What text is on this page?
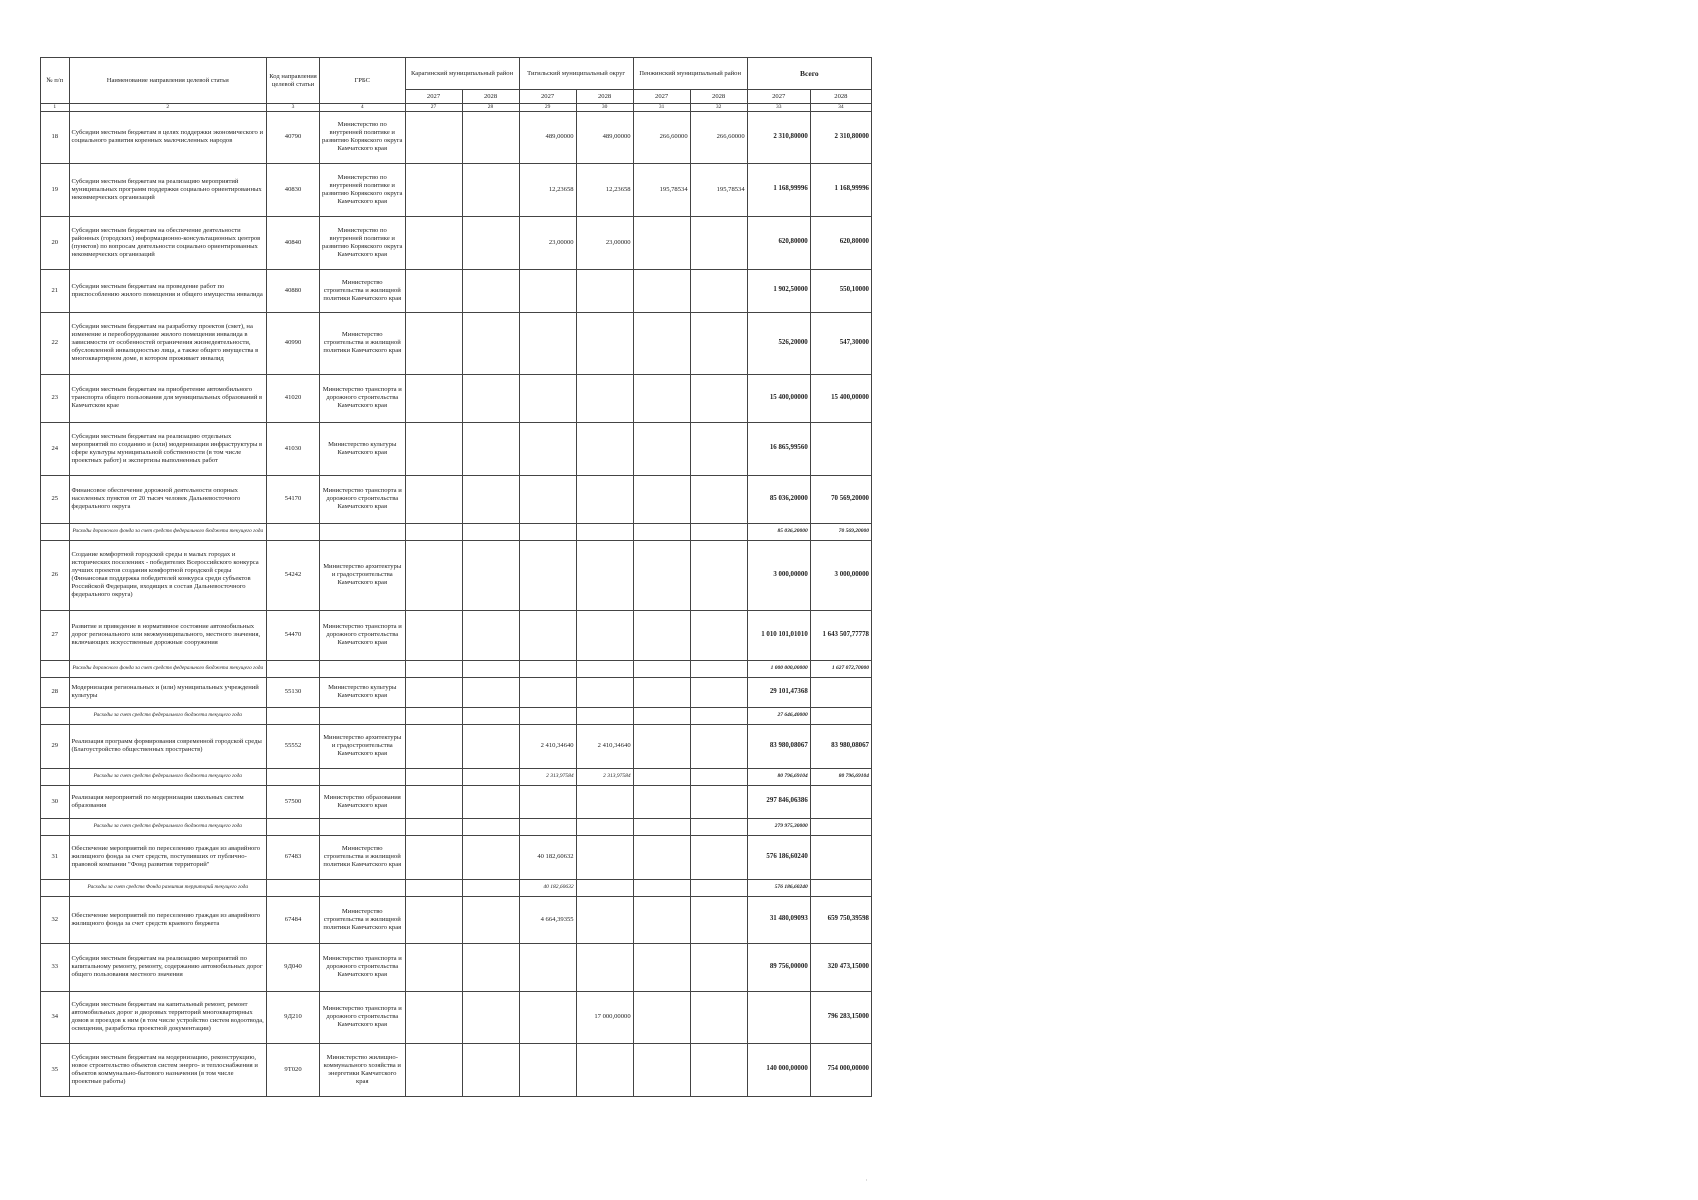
№ п/п	Наименование направления целевой статьи	Код направления целевой статьи	ГРБС	Карагинский муниципальный район		Тигильский муниципальный округ		Пенжинский муниципальный район		Всего	
				2027	2028	2027	2028	2027	2028	2027	2028
1	2	3	4	27	28	29	30	31	32	33	34
18	Субсидии местным бюджетам в целях поддержки экономического и социального развития коренных малочисленных народов	40790	Министерство по внутренней политике и развитию Корякского округа Камчатского края			489,00000	489,00000	266,60000	266,60000	2 310,80000	2 310,80000
19	Субсидии местным бюджетам на реализацию мероприятий муниципальных программ поддержки социально ориентированных некоммерческих организаций	40830	Министерство по внутренней политике и развитию Корякского округа Камчатского края			12,23658	12,23658	195,78534	195,78534	1 168,99996	1 168,99996
20	Субсидии местным бюджетам на обеспечение деятельности районных (городских) информационно-консультационных центров (пунктов) по вопросам деятельности социально ориентированных некоммерческих организаций	40840	Министерство по внутренней политике и развитию Корякского округа Камчатского края			23,00000	23,00000			620,80000	620,80000
21	Субсидии местным бюджетам на проведение работ по приспособлению жилого помещения и общего имущества инвалида	40880	Министерство строительства и жилищной политики Камчатского края							1 902,50000	550,10000
22	Субсидии местным бюджетам на разработку проектов (смет), на изменение и переоборудование жилого помещения инвалида в зависимости от особенностей ограничения жизнедеятельности, обусловленной инвалидностью лица, а также общего имущества в многоквартирном доме, в котором проживает инвалид	40990	Министерство строительства и жилищной политики Камчатского края							526,20000	547,30000
23	Субсидии местным бюджетам на приобретение автомобильного транспорта общего пользования для муниципальных образований в Камчатском крае	41020	Министерство транспорта и дорожного строительства Камчатского края							15 400,00000	15 400,00000
24	Субсидии местным бюджетам на реализацию отдельных мероприятий по созданию и (или) модернизации инфраструктуры в сфере культуры муниципальной собственности (в том числе проектных работ) и экспертизы выполненных работ	41030	Министерство культуры Камчатского края							16 865,99560	
25	Финансовое обеспечение дорожной деятельности опорных населенных пунктов от 20 тысяч человек Дальневосточного федерального округа	54170	Министерство транспорта и дорожного строительства Камчатского края							85 036,20000	70 569,20000
	Расходы дорожного фонда за счет средств федерального бюджета текущего года									85 036,20000	70 569,20000
26	Создание комфортной городской среды в малых городах и исторических поселениях - победителях Всероссийского конкурса лучших проектов создания комфортной городской среды (Финансовая поддержка победителей конкурса среди субъектов Российской Федерации, входящих в состав Дальневосточного федерального округа)	54242	Министерство архитектуры и градостроительства Камчатского края							3 000,00000	3 000,00000
27	Развитие и приведение в нормативное состояние автомобильных дорог регионального или межмуниципального, местного значения, включающих искусственные дорожные сооружения	54470	Министерство транспорта и дорожного строительства Камчатского края							1 010 101,01010	1 643 507,77778
	Расходы дорожного фонда за счет средств федерального бюджета текущего года									1 000 000,00000	1 627 072,70000
28	Модернизация региональных и (или) муниципальных учреждений культуры	55130	Министерство культуры Камчатского края							29 101,47368	
	Расходы за счет средств федерального бюджета текущего года									27 646,40000	
29	Реализация программ формирования современной городской среды (Благоустройство общественных пространств)	55552	Министерство архитектуры и градостроительства Камчатского края			2 410,34640	2 410,34640			83 980,08067	83 980,08067
	Расходы за счет средств федерального бюджета текущего года					2 313,97584	2 313,97584			80 796,69104	80 796,69104
30	Реализация мероприятий по модернизации школьных систем образования	57500	Министерство образования Камчатского края							297 846,06386	
	Расходы за счет средств федерального бюджета текущего года									279 975,30000	
31	Обеспечение мероприятий по переселению граждан из аварийного жилищного фонда за счет средств, поступивших от публично-правовой компании "Фонд развития территорий"	67483	Министерство строительства и жилищной политики Камчатского края			40 182,60632				576 186,60240	
	Расходы за счет средств Фонда развития территорий текущего года					40 182,60632				576 186,60240	
32	Обеспечение мероприятий по переселению граждан из аварийного жилищного фонда за счет средств краевого бюджета	67484	Министерство строительства и жилищной политики Камчатского края			4 664,39355				31 480,09093	659 750,39598
33	Субсидии местным бюджетам на реализацию мероприятий по капитальному ремонту, ремонту, содержанию автомобильных дорог общего пользования местного значения	9Д040	Министерство транспорта и дорожного строительства Камчатского края							89 756,00000	320 473,15000
34	Субсидии местным бюджетам на капитальный ремонт, ремонт автомобильных дорог и дворовых территорий многоквартирных домов и проездов к ним (в том числе устройство систем водоотвода, освещения, разработка проектной документации)	9Д210	Министерство транспорта и дорожного строительства Камчатского края				17 000,00000				796 283,15000
35	Субсидии местным бюджетам на модернизацию, реконструкцию, новое строительство объектов систем энерго- и теплоснабжения и объектов коммунально-бытового назначения (в том числе проектные работы)	9Т020	Министерство жилищно-коммунального хозяйства и энергетики Камчатского края							140 000,00000	754 000,00000
'
